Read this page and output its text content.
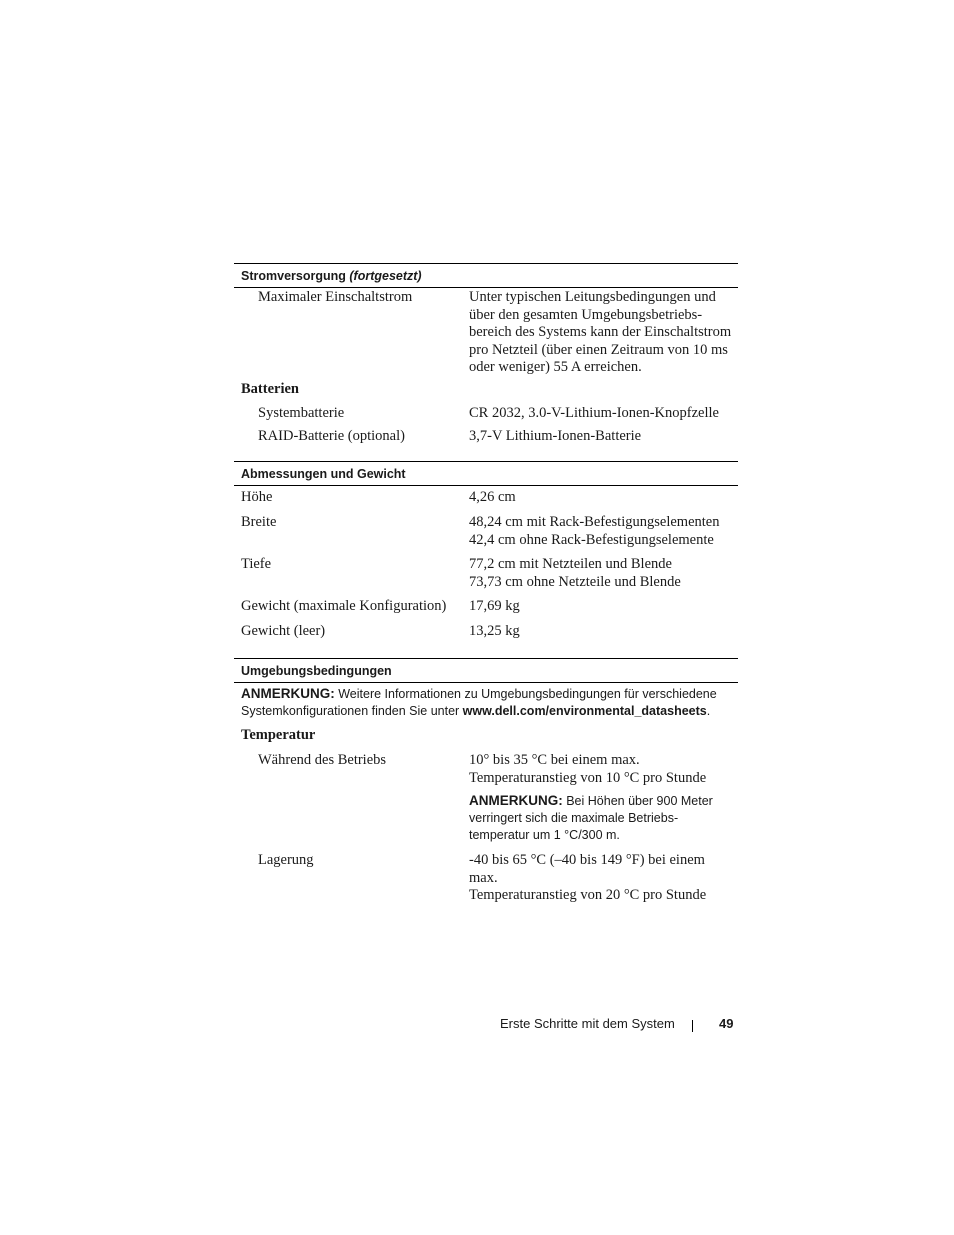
Stromversorgung (fortgesetzt)
Maximaler Einschaltstrom	Unter typischen Leitungsbedingungen und
über den gesamten Umgebungsbetriebs-
bereich des Systems kann der Einschaltstrom
pro Netzteil (über einen Zeitraum von 10 ms
oder weniger) 55 A erreichen.
Batterien
Systembatterie	CR 2032, 3.0-V-Lithium-Ionen-Knopfzelle
RAID-Batterie (optional)	3,7-V Lithium-Ionen-Batterie
Abmessungen und Gewicht
Höhe	4,26 cm
Breite	48,24 cm mit Rack-Befestigungselementen
42,4 cm ohne Rack-Befestigungselemente
Tiefe	77,2 cm mit Netzteilen und Blende
73,73 cm ohne Netzteile und Blende
Gewicht (maximale Konfiguration) 17,69 kg
Gewicht (leer)	13,25 kg
Umgebungsbedingungen
ANMERKUNG: Weitere Informationen zu Umgebungsbedingungen für verschiedene
Systemkonfigurationen finden Sie unter www.dell.com/environmental_datasheets.
Temperatur
Während des Betriebs	10° bis 35 °C bei einem max.
Temperaturanstieg von 10 °C pro Stunde
ANMERKUNG: Bei Höhen über 900 Meter
verringert sich die maximale Betriebs-
temperatur um 1 °C/300 m.
Lagerung	-40 bis 65 °C (–40 bis 149 °F) bei einem max.
Temperaturanstieg von 20 °C pro Stunde
Erste Schritte mit dem System	49
